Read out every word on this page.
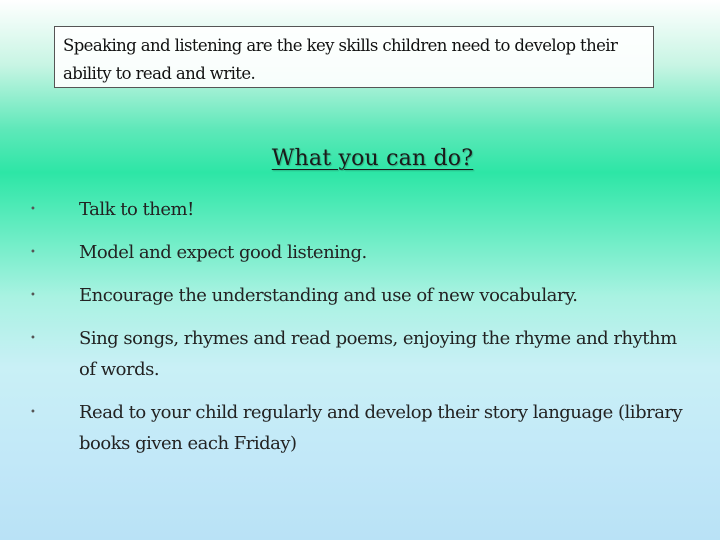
Speaking and listening are the key skills children need to develop their

ability to read and write.

What you can do?
• Talk to them!
• Model and expect good listening.
• Encourage the understanding and use of new vocabulary.
• Sing songs, rhymes and read poems, enjoying the rhyme and rhythm of words.
• Read to your child regularly and develop their story language (library books given each Friday)
